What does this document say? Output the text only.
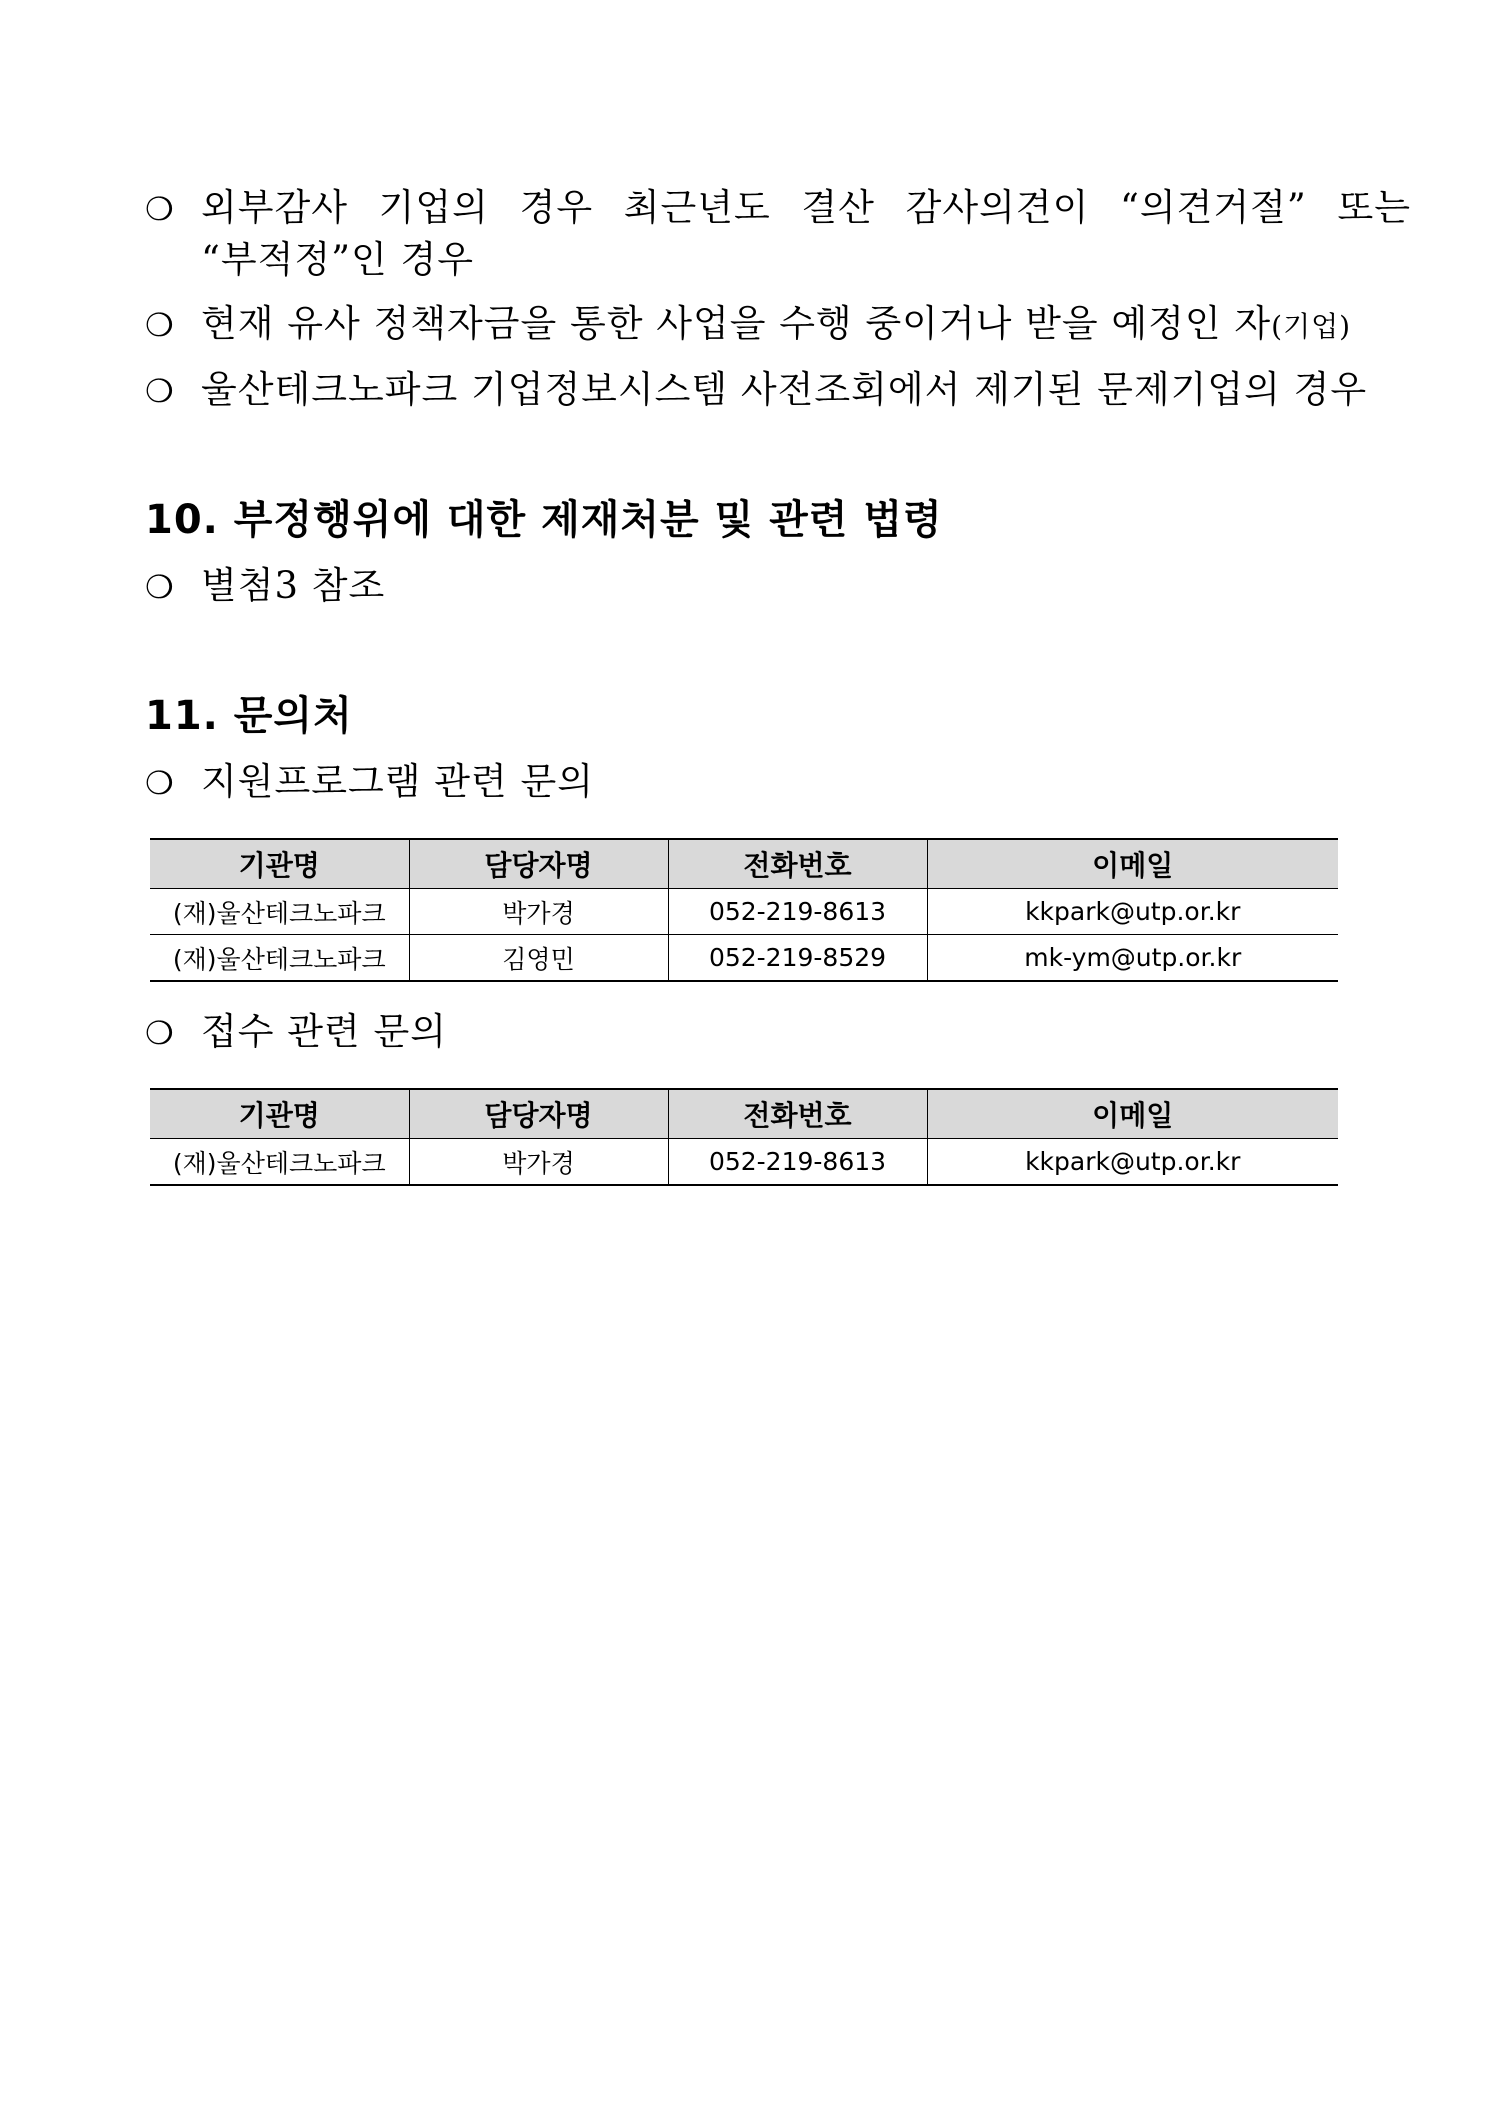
❍ 외부감사 기업의 경우 최근년도 결산 감사의견이 “의견거절” 또는
“부적정”인 경우
❍ 현재 유사 정책자금을 통한 사업을 수행 중이거나 받을 예정인 자(기업)
❍ 울산테크노파크 기업정보시스템 사전조회에서 제기된 문제기업의 경우
10. 부정행위에 대한 제재처분 및 관련 법령
❍ 별첨3 참조
11. 문의처
❍ 지원프로그램 관련 문의
기관명	담당자명	전화번호	이메일
(재)울산테크노파크	박가경	052-219-8613	kkpark@utp.or.kr
(재)울산테크노파크	김영민	052-219-8529	mk-ym@utp.or.kr
❍ 접수 관련 문의
기관명	담당자명	전화번호	이메일
(재)울산테크노파크	박가경	052-219-8613	kkpark@utp.or.kr
